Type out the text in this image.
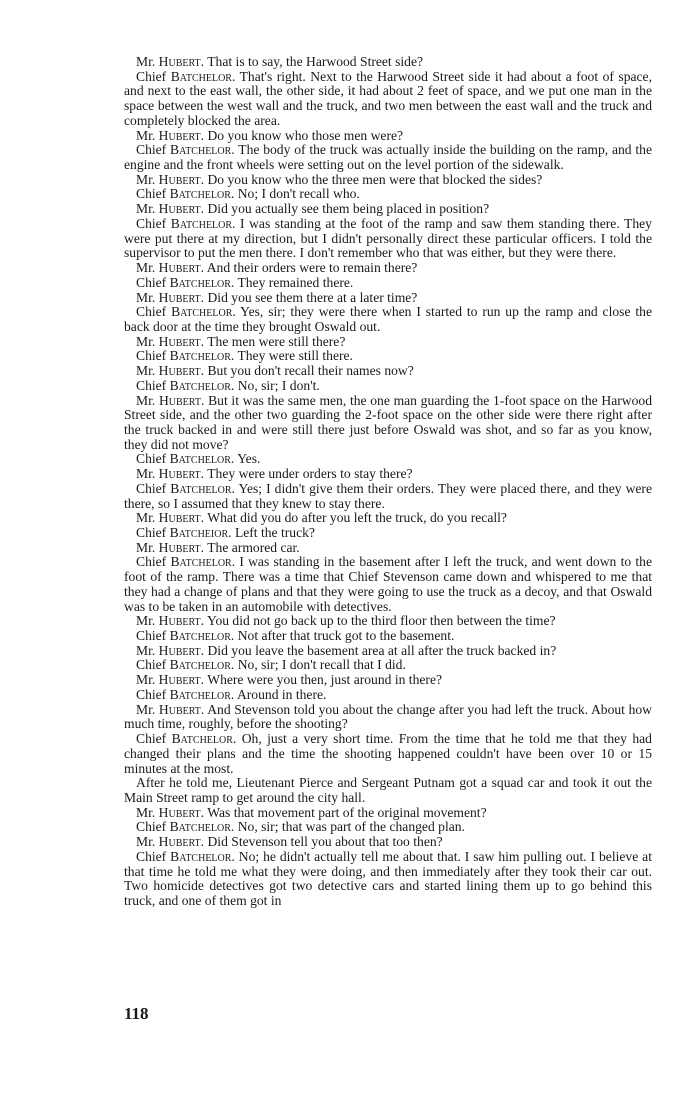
Mr. Hubert. That is to say, the Harwood Street side?

Chief Batchelor. That's right. Next to the Harwood Street side it had about a foot of space, and next to the east wall, the other side, it had about 2 feet of space, and we put one man in the space between the west wall and the truck, and two men between the east wall and the truck and completely blocked the area.

Mr. Hubert. Do you know who those men were?

Chief Batchelor. The body of the truck was actually inside the building on the ramp, and the engine and the front wheels were setting out on the level portion of the sidewalk.

Mr. Hubert. Do you know who the three men were that blocked the sides?

Chief Batchelor. No; I don't recall who.

Mr. Hubert. Did you actually see them being placed in position?

Chief Batchelor. I was standing at the foot of the ramp and saw them standing there. They were put there at my direction, but I didn't personally direct these particular officers. I told the supervisor to put the men there. I don't remember who that was either, but they were there.

Mr. Hubert. And their orders were to remain there?

Chief Batchelor. They remained there.

Mr. Hubert. Did you see them there at a later time?

Chief Batchelor. Yes, sir; they were there when I started to run up the ramp and close the back door at the time they brought Oswald out.

Mr. Hubert. The men were still there?

Chief Batchelor. They were still there.

Mr. Hubert. But you don't recall their names now?

Chief Batchelor. No, sir; I don't.

Mr. Hubert. But it was the same men, the one man guarding the 1-foot space on the Harwood Street side, and the other two guarding the 2-foot space on the other side were there right after the truck backed in and were still there just before Oswald was shot, and so far as you know, they did not move?

Chief Batchelor. Yes.

Mr. Hubert. They were under orders to stay there?

Chief Batchelor. Yes; I didn't give them their orders. They were placed there, and they were there, so I assumed that they knew to stay there.

Mr. Hubert. What did you do after you left the truck, do you recall?

Chief Batcheior. Left the truck?

Mr. Hubert. The armored car.

Chief Batchelor. I was standing in the basement after I left the truck, and went down to the foot of the ramp. There was a time that Chief Stevenson came down and whispered to me that they had a change of plans and that they were going to use the truck as a decoy, and that Oswald was to be taken in an automobile with detectives.

Mr. Hubert. You did not go back up to the third floor then between the time?

Chief Batchelor. Not after that truck got to the basement.

Mr. Hubert. Did you leave the basement area at all after the truck backed in?

Chief Batchelor. No, sir; I don't recall that I did.

Mr. Hubert. Where were you then, just around in there?

Chief Batchelor. Around in there.

Mr. Hubert. And Stevenson told you about the change after you had left the truck. About how much time, roughly, before the shooting?

Chief Batchelor. Oh, just a very short time. From the time that he told me that they had changed their plans and the time the shooting happened couldn't have been over 10 or 15 minutes at the most.

After he told me, Lieutenant Pierce and Sergeant Putnam got a squad car and took it out the Main Street ramp to get around the city hall.

Mr. Hubert. Was that movement part of the original movement?

Chief Batchelor. No, sir; that was part of the changed plan.

Mr. Hubert. Did Stevenson tell you about that too then?

Chief Batchelor. No; he didn't actually tell me about that. I saw him pulling out. I believe at that time he told me what they were doing, and then immediately after they took their car out. Two homicide detectives got two detective cars and started lining them up to go behind this truck, and one of them got in

118
